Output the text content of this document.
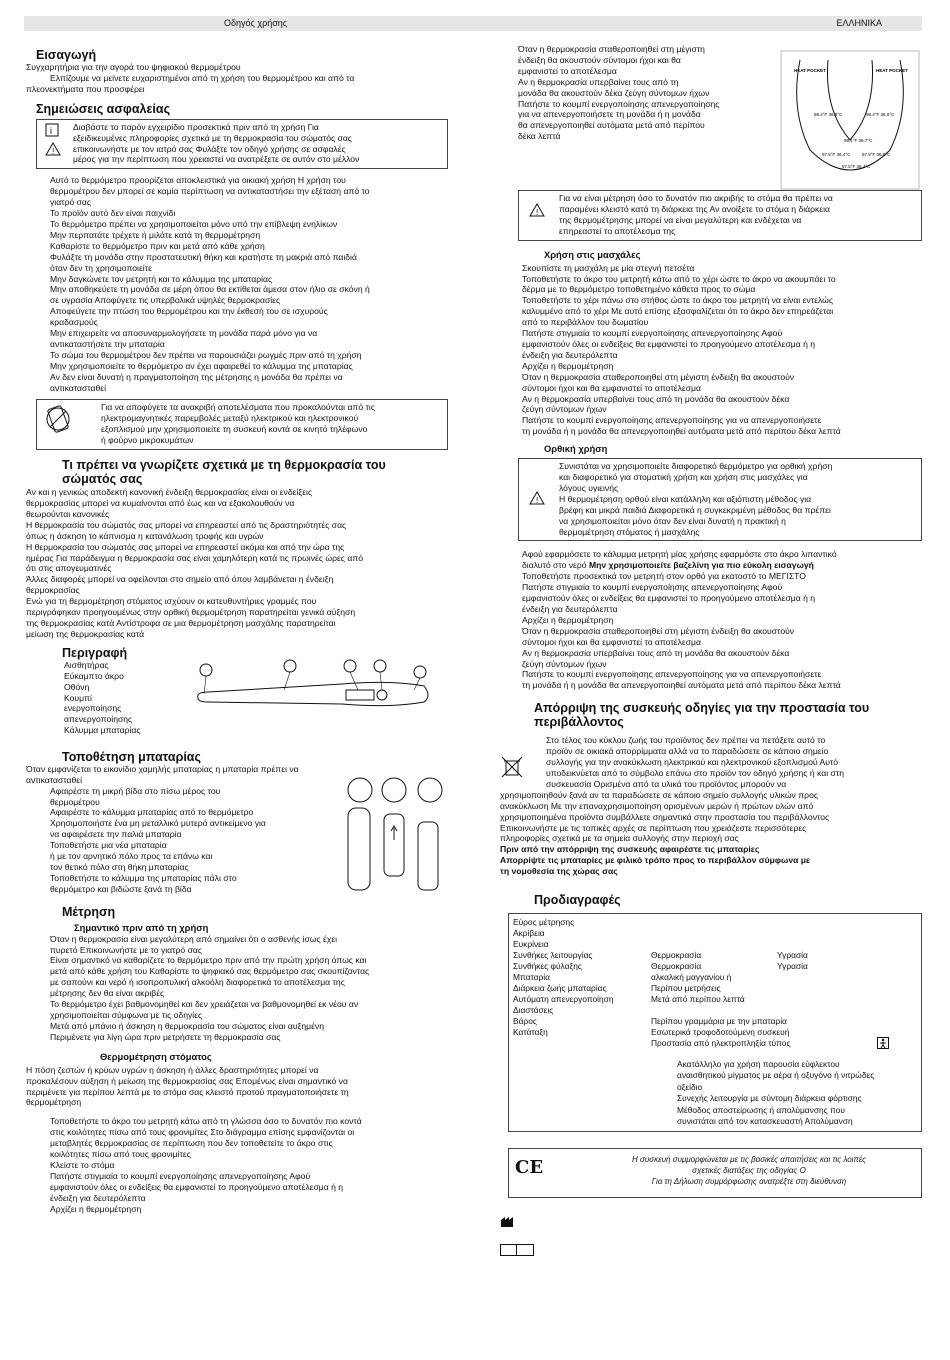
Οδηγός χρήσης	ΕΛΛΗΝΙΚΑ
Εισαγωγή

Συγχαρητήρια για την αγορά του ψηφιακού θερμομέτρου

Ελπίζουμε να μείνετε ευχαριστημένοι από τη χρήση του θερμομέτρου και από τα

πλεονεκτήματα που προσφέρει

Σημειώσεις ασφαλείας
i
!

Διαβάστε το παρόν εγχειρίδιο προσεκτικά πριν από τη χρήση Για

εξειδικευμένες πληροφορίες σχετικά με τη θερμοκρασία του σώματός σας

επικοινωνήστε με τον ιατρό σας Φυλάξτε τον οδηγό χρήσης σε ασφαλές

μέρος για την περίπτωση που χρειαστεί να ανατρέξετε σε αυτόν στο μέλλον

Αυτό το θερμόμετρο προορίζεται αποκλειστικά για οικιακή χρήση Η χρήση του

θερμομέτρου δεν μπορεί σε καμία περίπτωση να αντικαταστήσει την εξέταση από το

γιατρό σας

Το προϊόν αυτό δεν είναι παιχνίδι

Το θερμόμετρο πρέπει να χρησιμοποιείται μόνο υπό την επίβλεψη ενηλίκων

Μην περπατάτε τρέχετε ή μιλάτε κατά τη θερμομέτρηση

Καθαρίστε το θερμόμετρο πριν και μετά από κάθε χρήση

Φυλάξτε τη μονάδα στην προστατευτική θήκη και κρατήστε τη μακριά από παιδιά

όταν δεν τη χρησιμοποιείτε

Μην δαγκώνετε τον μετρητή και το κάλυμμα της μπαταρίας

Μην αποθηκεύετε τη μονάδα σε μέρη όπου θα εκτίθεται άμεσα στον ήλιο σε σκόνη ή

σε υγρασία Αποφύγετε τις υπερβολικά υψηλές θερμοκρασίες

Αποφεύγετε την πτώση του θερμομέτρου και την έκθεσή του σε ισχυρούς

κραδασμούς

Μην επιχειρείτε να αποσυναρμολογήσετε τη μονάδα παρά μόνο για να

αντικαταστήσετε την μπαταρία

Το σώμα του θερμομέτρου δεν πρέπει να παρουσιάζει ρωγμές πριν από τη χρήση

Μην χρησιμοποιείτε το θερμόμετρο αν έχει αφαιρεθεί το κάλυμμα της μπαταρίας

Αν δεν είναι δυνατή η πραγματοποίηση της μέτρησης η μονάδα θα πρέπει να

αντικατασταθεί

Για να αποφύγετε τα ανακριβή αποτελέσματα που προκαλούνται από τις

ηλεκτρομαγνητικές παρεμβολές μεταξύ ηλεκτρικού και ηλεκτρονικού

εξοπλισμού μην χρησιμοποιείτε τη συσκευή κοντά σε κινητό τηλέφωνο

ή φούρνο μικροκυμάτων

Τι πρέπει να γνωρίζετε σχετικά με τη θερμοκρασία του
σώματός σας

Αν και η γενικώς αποδεκτή κανονική ένδειξη θερμοκρασίας είναι οι ενδείξεις

θερμοκρασίας μπορεί να κυμαίνονται από έως και να εξακολουθούν να

θεωρούνται κανονικές

Η θερμοκρασία του σώματός σας μπορεί να επηρεαστεί από τις δραστηριότητές σας

όπως η άσκηση το κάπνισμα η κατανάλωση τροφής και υγρών

Η θερμοκρασία του σώματός σας μπορεί να επηρεαστεί ακόμα και από την ώρα της

ημέρας Για παράδειγμα η θερμοκρασία σας είναι χαμηλότερη κατά τις πρωινές ώρες από

ότι στις απογευματινές

Άλλες διαφορές μπορεί να οφείλονται στο σημείο από όπου λαμβάνεται η ένδειξη

θερμοκρασίας

Ενώ για τη θερμομέτρηση στόματος ισχύουν οι κατευθυντήριες γραμμές που

περιγράφηκαν προηγουμένως στην ορθική θερμομέτρηση παρατηρείται γενικά αύξηση

της θερμοκρασίας κατά Αντίστροφα σε μια θερμομέτρηση μασχάλης παρατηρείται

μείωση της θερμοκρασίας κατά

Περιγραφή

Αισθητήρας

Εύκαμπτο άκρο

Οθόνη

Κουμπί

ενεργοποίησης

απενεργοποίησης

Κάλυμμα μπαταρίας

Τοποθέτηση μπαταρίας

Όταν εμφανίζεται το εικονίδιο χαμηλής μπαταρίας η μπαταρία πρέπει να

αντικατασταθεί

Αφαιρέστε τη μικρή βίδα στο πίσω μέρος του

θερμομέτρου

Αφαιρέστε το κάλυμμα μπαταρίας από το θερμόμετρο

Χρησιμοποιήστε ένα μη μεταλλικό μυτερό αντικείμενο για

να αφαιρέσετε την παλιά μπαταρία

Τοποθετήστε μια νέα μπαταρία

ή με τον αρνητικό πόλο προς τα επάνω και

τον θετικό πόλο στη θήκη μπαταρίας

Τοποθετήστε το κάλυμμα της μπαταρίας πάλι στο

θερμόμετρο και βιδώστε ξανά τη βίδα

Μέτρηση
Σημαντικό πριν από τη χρήση

Όταν η θερμοκρασία είναι μεγαλύτερη από σημαίνει ότι ο ασθενής ίσως έχει

πυρετό Επικοινωνήστε με το γιατρό σας

Είναι σημαντικό να καθαρίζετε το θερμόμετρο πριν από την πρώτη χρήση όπως και

μετά από κάθε χρήση του Καθαρίστε το ψηφιακό σας θερμόμετρο σας σκουπίζοντας

με σαπούνι και νερό ή ισοπροπυλική αλκοόλη διαφορετικά το αποτέλεσμα της

μέτρησης δεν θα είναι ακριβές

Το θερμόμετρο έχει βαθμονομηθεί και δεν χρειάζεται να βαθμονομηθεί εκ νέου αν

χρησιμοποιείται σύμφωνα με τις οδηγίες

Μετά από μπάνιο ή άσκηση η θερμοκρασία του σώματος είναι αυξημένη

Περιμένετε για λίγη ώρα πριν μετρήσετε τη θερμοκρασία σας

Θερμομέτρηση στόματος

Η πόση ζεστών ή κρύων υγρών η άσκηση ή άλλες δραστηριότητες μπορεί να

προκαλέσουν αύξηση ή μείωση της θερμοκρασίας σας Επομένως είναι σημαντικό να

περιμένετε για περίπου λεπτά με το στόμα σας κλειστό προτού πραγματοποιήσετε τη

θερμομέτρηση

Τοποθετήστε το άκρο του μετρητή κάτω από τη γλώσσα όσο το δυνατόν πιο κοντά

στις κοιλότητες πίσω από τους φρονιμίτες Στο διάγραμμα επίσης εμφανίζονται οι

μεταβλητές θερμοκρασίας σε περίπτωση που δεν τοποθετείτε το άκρο στις

κοιλότητες πίσω από τους φρονιμίτες

Κλείστε το στόμα

Πατήστε στιγμιαία το κουμπί ενεργοποίησης απενεργοποίησης Αφού

εμφανιστούν όλες οι ενδείξεις θα εμφανιστεί το προηγούμενο αποτέλεσμα ή η

ένδειξη για δευτερόλεπτα

Αρχίζει η θερμομέτρηση

Όταν η θερμοκρασία σταθεροποιηθεί στη μέγιστη

ένδειξη θα ακουστούν σύντομοι ήχοι και θα

εμφανιστεί το αποτέλεσμα

Αν η θερμοκρασία υπερβαίνει τους από τη

μονάδα θα ακουστούν δέκα ζεύγη σύντομων ήχων

Πατήστε το κουμπί ενεργοποίησης απενεργοποίησης

για να απενεργοποιήσετε τη μονάδα ή η μονάδα

θα απενεργοποιηθεί αυτόματα μετά από περίπου

δέκα λεπτά

HEAT POCKET	HEAT POCKET
98.4°F 36.9°C	98.4°F 36.9°C
98.1°F 36.7°C
97.5°F 36.4°C	97.9°F 36.6°C
97.5°F 36.4°C
!

Για να είναι μέτρηση όσο το δυνατόν πιο ακριβής το στόμα θα πρέπει να

παραμένει κλειστό κατά τη διάρκεια της Αν ανοίξετε το στόμα η διάρκεια

της θερμομέτρησης μπορεί να είναι μεγαλύτερη και ενδέχεται να

επηρεαστεί το αποτέλεσμα της

Χρήση στις μασχάλες

Σκουπίστε τη μασχάλη με μία στεγνή πετσέτα

Τοποθετήστε το άκρο του μετρητή κάτω από το χέρι ώστε το άκρο να ακουμπάει το

δέρμα με το θερμόμετρο τοποθετημένο κάθετα προς το σώμα

Τοποθετήστε το χέρι πάνω στο στήθος ώστε το άκρο του μετρητή να είναι εντελώς

καλυμμένο από το χέρι Με αυτό επίσης εξασφαλίζεται ότι το άκρο δεν επηρεάζεται

από το περιβάλλον του δωματίου

Πατήστε στιγμιαία το κουμπί ενεργοποίησης απενεργοποίησης Αφού

εμφανιστούν όλες οι ενδείξεις θα εμφανιστεί το προηγούμενο αποτέλεσμα ή η

ένδειξη για δευτερόλεπτα

Αρχίζει η θερμομέτρηση

Όταν η θερμοκρασία σταθεροποιηθεί στη μέγιστη ένδειξη θα ακουστούν

σύντομοι ήχοι και θα εμφανιστεί το αποτέλεσμα

Αν η θερμοκρασία υπερβαίνει τους από τη μονάδα θα ακουστούν δέκα

ζεύγη σύντομων ήχων

Πατήστε το κουμπί ενεργοποίησης απενεργοποίησης για να απενεργοποιήσετε

τη μονάδα ή η μονάδα θα απενεργοποιηθεί αυτόματα μετά από περίπου δέκα λεπτά

Ορθική χρήση
!

Συνιστάται να χρησιμοποιείτε διαφορετικό θερμόμετρο για ορθική χρήση

και διαφορετικό για στοματική χρήση και χρήση στις μασχάλες για

λόγους υγιεινής

Η θερμομέτρηση ορθού είναι κατάλληλη και αξιόπιστη μέθοδος για

βρέφη και μικρά παιδιά Διαφορετικά η συγκεκριμένη μέθοδος θα πρέπει

να χρησιμοποιείται μόνο όταν δεν είναι δυνατή η πρακτική η

θερμομέτρηση στόματος ή μασχάλης

Αφού εφαρμόσετε το κάλυμμα μετρητή μίας χρήσης εφαρμόστε στο άκρο λιπαντικό

διαλυτό στο νερό Μην χρησιμοποιείτε βαζελίνη για πιο εύκολη εισαγωγή

Τοποθετήστε προσεκτικά τον μετρητή στον ορθό για εκατοστό το ΜΕΓΙΣΤΟ

Πατήστε στιγμιαία το κουμπί ενεργοποίησης απενεργοποίησης Αφού

εμφανιστούν όλες οι ενδείξεις θα εμφανιστεί το προηγούμενο αποτέλεσμα ή η

ένδειξη για δευτερόλεπτα

Αρχίζει η θερμομέτρηση

Όταν η θερμοκρασία σταθεροποιηθεί στη μέγιστη ένδειξη θα ακουστούν

σύντομοι ήχοι και θα εμφανιστεί το αποτέλεσμα

Αν η θερμοκρασία υπερβαίνει τους από τη μονάδα θα ακουστούν δέκα

ζεύγη σύντομων ήχων

Πατήστε το κουμπί ενεργοποίησης απενεργοποίησης για να απενεργοποιήσετε

τη μονάδα ή η μονάδα θα απενεργοποιηθεί αυτόματα μετά από περίπου δέκα λεπτά

Απόρριψη της συσκευής οδηγίες για την προστασία του
περιβάλλοντος

Στο τέλος του κύκλου ζωής του προϊόντος δεν πρέπει να πετάξετε αυτό το

προϊόν σε οικιακά απορρίμματα αλλά να το παραδώσετε σε κάποιο σημείο

συλλογής για την ανακύκλωση ηλεκτρικού και ηλεκτρονικού εξοπλισμού Αυτό

υποδεικνύεται από το σύμβολο επάνω στο προϊόν τον οδηγό χρήσης ή και στη

συσκευασία Ορισμένα από τα υλικά του προϊόντος μπορούν να

χρησιμοποιηθούν ξανά αν τα παραδώσετε σε κάποιο σημείο συλλογής υλικών προς

ανακύκλωση Με την επαναχρησιμοποίηση ορισμένων μερών ή πρώτων υλών από

χρησιμοποιημένα προϊόντα συμβάλλετε σημαντικά στην προστασία του περιβάλλοντος

Επικοινωνήστε με τις τοπικές αρχές σε περίπτωση που χρειάζεστε περισσότερες

πληροφορίες σχετικά με τα σημεία συλλογής στην περιοχή σας

Πριν από την απόρριψη της συσκευής αφαιρέστε τις μπαταρίες

Απορρίψτε τις μπαταρίες με φιλικό τρόπο προς το περιβάλλον σύμφωνα με

τη νομοθεσία της χώρας σας

Προδιαγραφές
Εύρος μέτρησης
Ακρίβεια
Ευκρίνεια
Συνθήκες λειτουργίας	Θερμοκρασία	Υγρασία
Συνθήκες φύλαξης	Θερμοκρασία	Υγρασία
Μπαταρία	αλκαλική μαγγανίου ή
Διάρκεια ζωής μπαταρίας	Περίπου μετρήσεις
Αυτόματη απενεργοποίηση	Μετά από περίπου λεπτά
Διαστάσεις
Βάρος	Περίπου γραμμάρια με την μπαταρία
Κατάταξη	Εσωτερικά τροφοδοτούμενη συσκευή
Προστασία από ηλεκτροπληξία τύπος

Ακατάλληλο για χρήση παρουσία εύφλεκτου

αναισθητικού μίγματος με αέρα ή οξυγόνο ή νιτρώδες

οξείδιο

Συνεχής λειτουργία με σύντομη διάρκεια φόρτισης

Μέθοδος αποστείρωσης ή απολύμανσης που

συνιστάται από τον κατασκευαστή Απολύμανση

CE	Η συσκευή συμμορφώνεται με τις βασικές απαιτήσεις και τις λοιπές

σχετικές διατάξεις της οδηγίας Ο

Για τη Δήλωση συμμόρφωσης ανατρέξτε στη διεύθυνση
